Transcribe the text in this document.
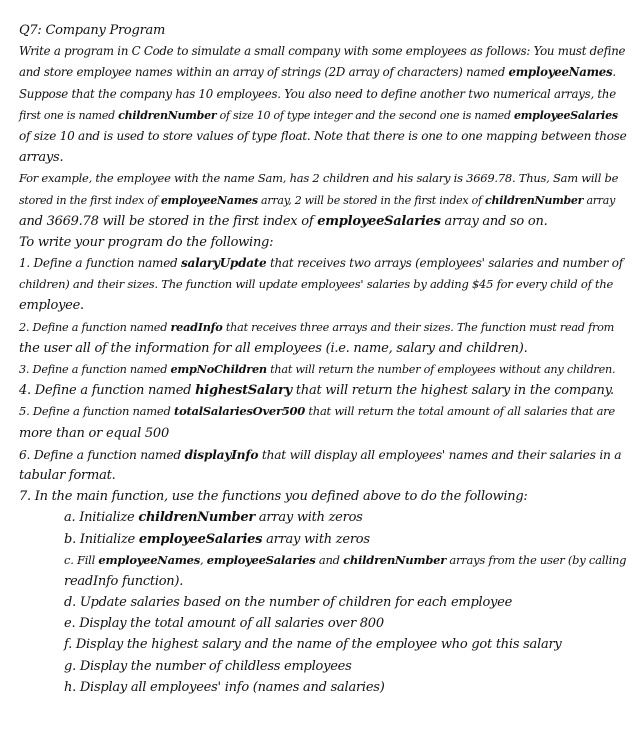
Q7: Company Program
Write a program in C Code to simulate a small company with some employees as follows: You must define
and store employee names within an array of strings (2D array of characters) named employeeNames.
Suppose that the company has 10 employees. You also need to define another two numerical arrays, the
first one is named childrenNumber of size 10 of type integer and the second one is named employeeSalaries
of size 10 and is used to store values of type float. Note that there is one to one mapping between those
arrays.
For example, the employee with the name Sam, has 2 children and his salary is 3669.78. Thus, Sam will be
stored in the first index of employeeNames array, 2 will be stored in the first index of childrenNumber array
and 3669.78 will be stored in the first index of employeeSalaries array and so on.
To write your program do the following:
1. Define a function named salaryUpdate that receives two arrays (employees' salaries and number of
children) and their sizes. The function will update employees' salaries by adding $45 for every child of the
employee.
2. Define a function named readInfo that receives three arrays and their sizes. The function must read from
the user all of the information for all employees (i.e. name, salary and children).
3. Define a function named empNoChildren that will return the number of employees without any children.
4. Define a function named highestSalary that will return the highest salary in the company.
5. Define a function named totalSalariesOver500 that will return the total amount of all salaries that are
more than or equal 500
6. Define a function named displayInfo that will display all employees' names and their salaries in a
tabular format.
7. In the main function, use the functions you defined above to do the following:
a. Initialize childrenNumber array with zeros
b. Initialize employeeSalaries array with zeros
c. Fill employeeNames, employeeSalaries and childrenNumber arrays from the user (by calling
readInfo function).
d. Update salaries based on the number of children for each employee
e. Display the total amount of all salaries over 800
f. Display the highest salary and the name of the employee who got this salary
g. Display the number of childless employees
h. Display all employees' info (names and salaries)
